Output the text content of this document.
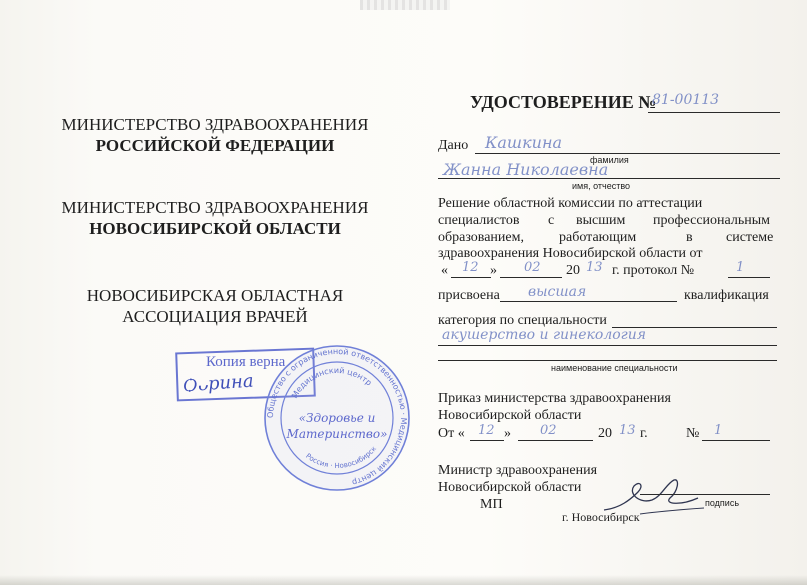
МИНИСТЕРСТВО ЗДРАВООХРАНЕНИЯ
РОССИЙСКОЙ ФЕДЕРАЦИИ
МИНИСТЕРСТВО ЗДРАВООХРАНЕНИЯ
НОВОСИБИРСКОЙ ОБЛАСТИ
НОВОСИБИРСКАЯ ОБЛАСТНАЯ
АССОЦИАЦИЯ ВРАЧЕЙ
Копия верна
Ѻᴗрина
Общество с ограниченной ответственностью · Медицинский центр
Медицинский центр
«Здоровье и
Материнство»
Россия · Новосибирск
УДОСТОВЕРЕНИЕ №
81-00113
Дано Кашкина
фамилия
Жанна Николаевна
имя, отчество
Решение областной комиссии по аттестации
специалистов с высшим профессиональным
образованием,	работающим	в системе
здравоохранения Новосибирской области от
« 12 » 02 20 13 г. протокол №	1
присвоена высшая	квалификация
категория по специальности
акушерство и гинекология
наименование специальности
Приказ министерства здравоохранения
Новосибирской области
От « 12 » 02	20 13 г.	№ 1
Министр здравоохранения
Новосибирской области
МП	подпись
г. Новосибирск
